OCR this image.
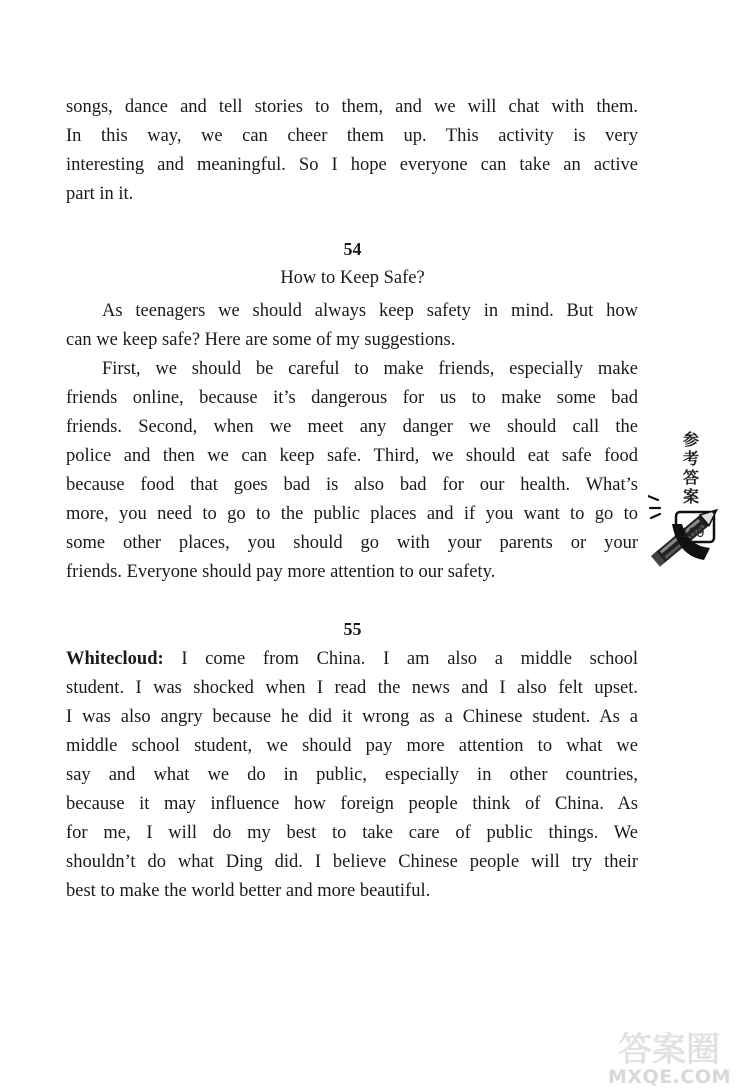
songs, dance and tell stories to them, and we will chat with them.
In this way, we can cheer them up. This activity is very
interesting and meaningful. So I hope everyone can take an active
part in it.
54
How to Keep Safe?
As teenagers we should always keep safety in mind. But how
can we keep safe? Here are some of my suggestions.
First, we should be careful to make friends, especially make
friends online, because it’s dangerous for us to make some bad
friends. Second, when we meet any danger we should call the
police and then we can keep safe. Third, we should eat safe food
because food that goes bad is also bad for our health. What’s
more, you need to go to the public places and if you want to go to
some other places, you should go with your parents or your
friends. Everyone should pay more attention to our safety.
55
Whitecloud: I come from China. I am also a middle school
student. I was shocked when I read the news and I also felt upset.
I was also angry because he did it wrong as a Chinese student. As a
middle school student, we should pay more attention to what we
say and what we do in public, especially in other countries,
because it may influence how foreign people think of China. As
for me, I will do my best to take care of public things. We
shouldn’t do what Ding did. I believe Chinese people will try their
best to make the world better and more beautiful.
参
考
答
案
139
答案圈
MXQE.COM
